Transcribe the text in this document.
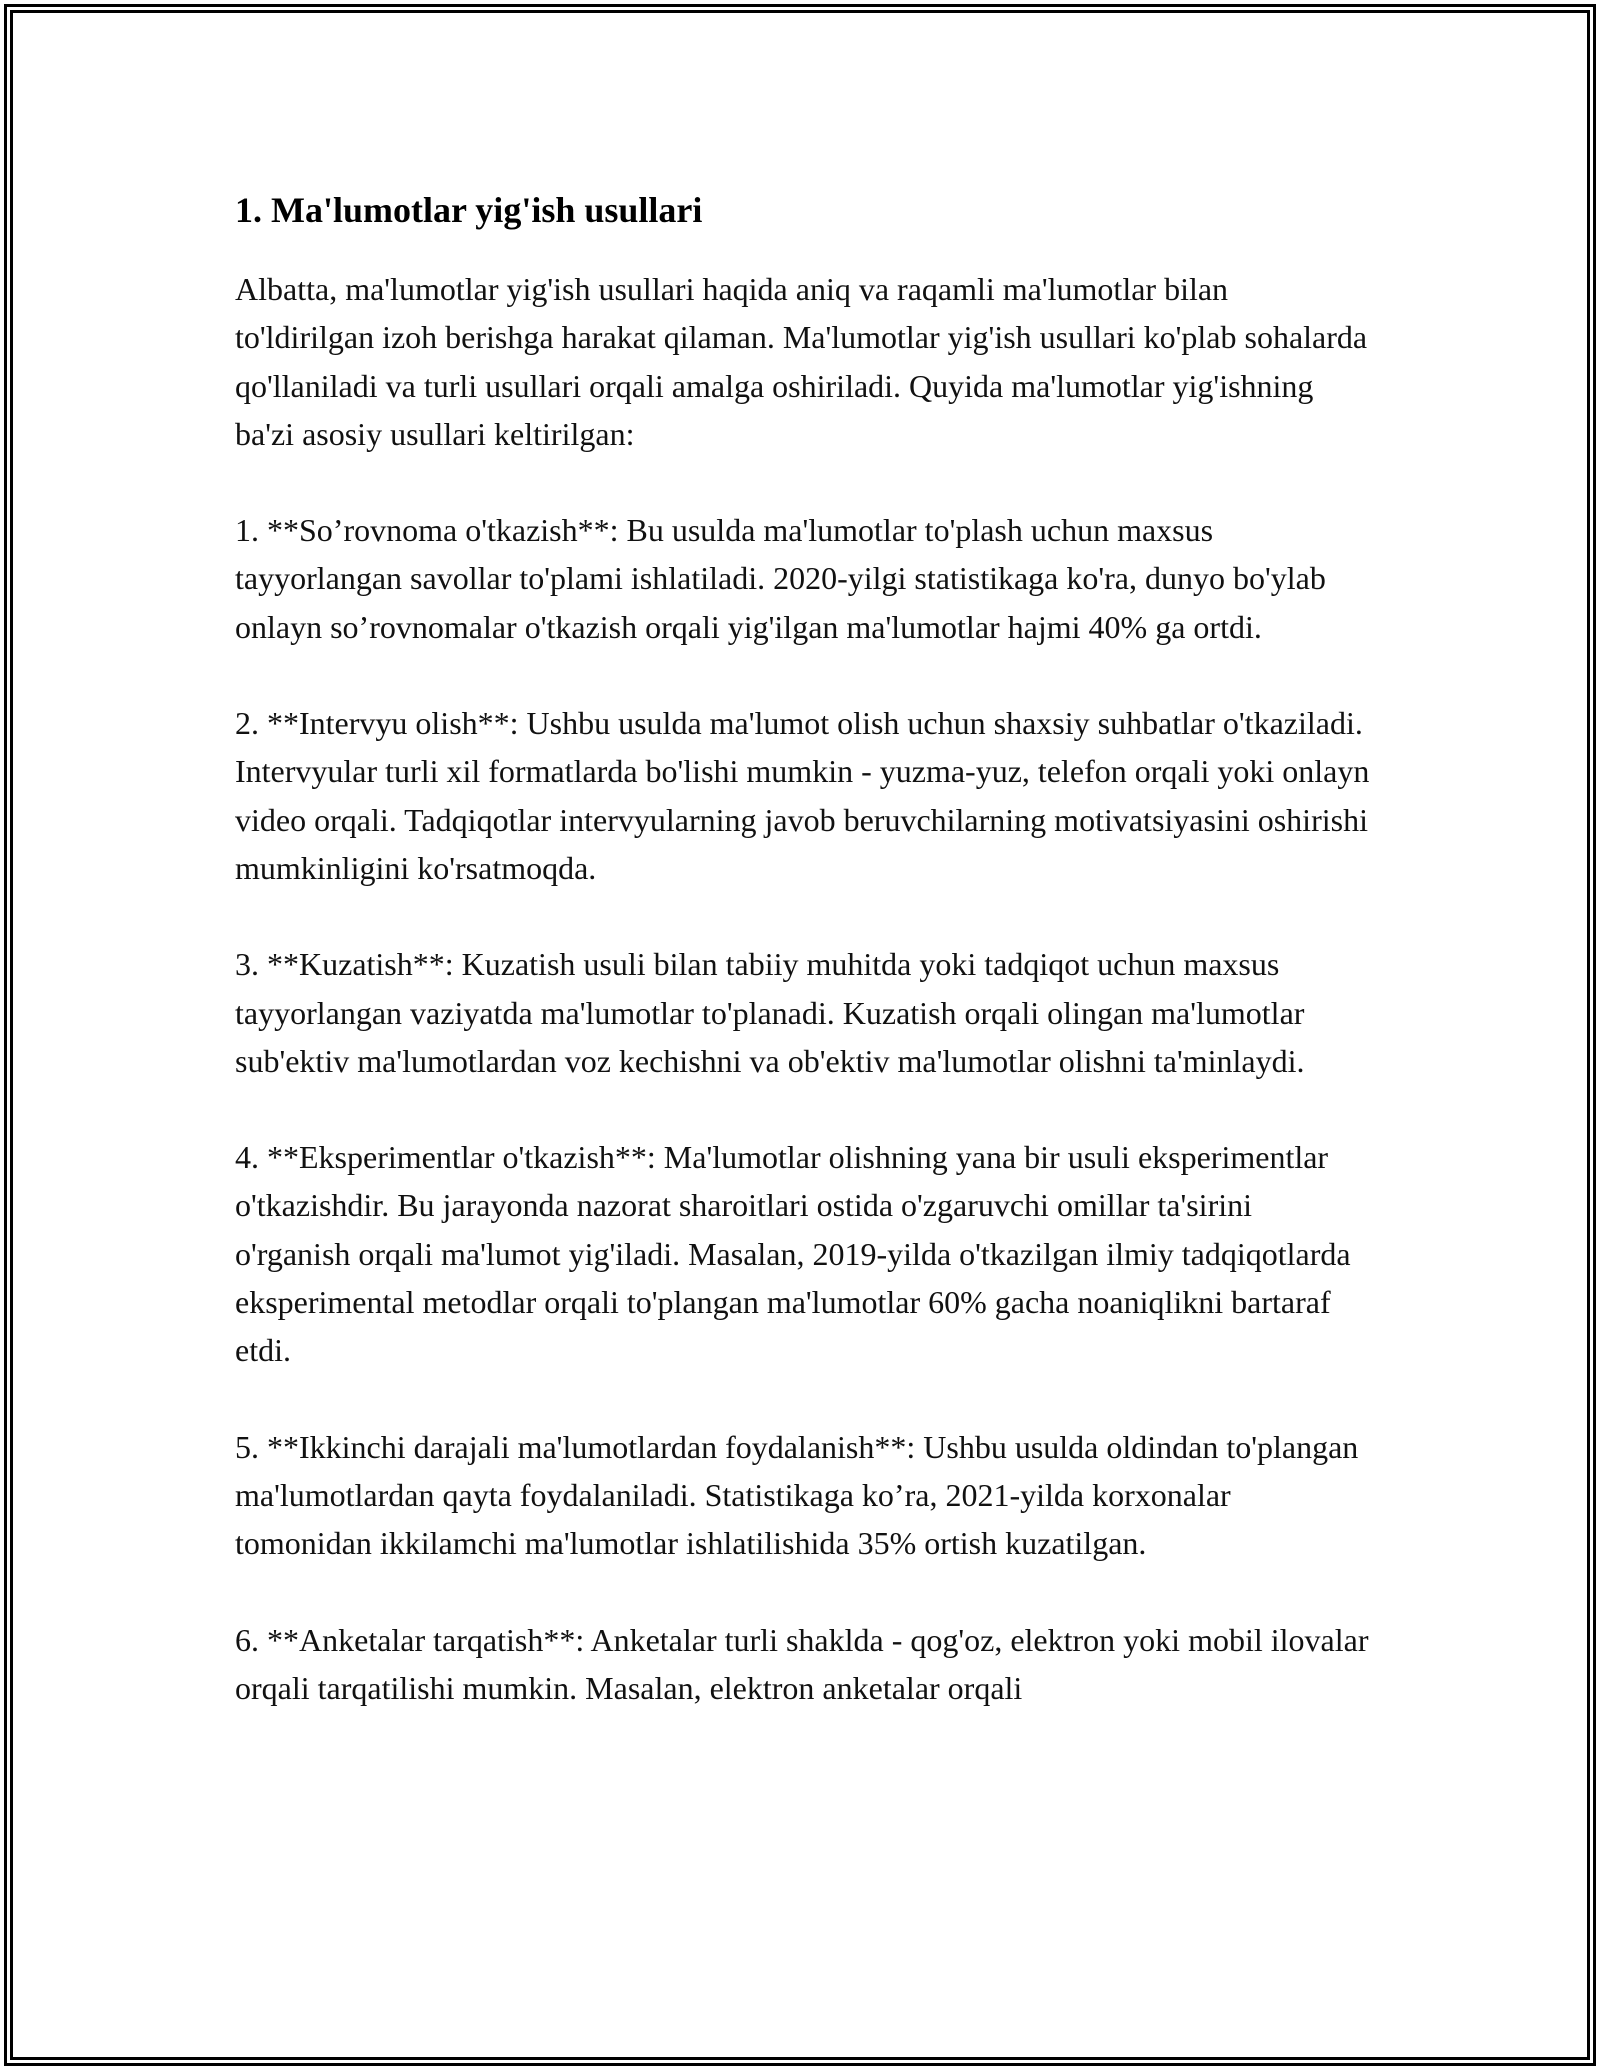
1. Ma'lumotlar yig'ish usullari

Albatta, ma'lumotlar yig'ish usullari haqida aniq va raqamli ma'lumotlar bilan to'ldirilgan izoh berishga harakat qilaman. Ma'lumotlar yig'ish usullari ko'plab sohalarda qo'llaniladi va turli usullari orqali amalga oshiriladi. Quyida ma'lumotlar yig'ishning ba'zi asosiy usullari keltirilgan:

1. **So’rovnoma o'tkazish**: Bu usulda ma'lumotlar to'plash uchun maxsus tayyorlangan savollar to'plami ishlatiladi. 2020-yilgi statistikaga ko'ra, dunyo bo'ylab onlayn so’rovnomalar o'tkazish orqali yig'ilgan ma'lumotlar hajmi 40% ga ortdi.

2. **Intervyu olish**: Ushbu usulda ma'lumot olish uchun shaxsiy suhbatlar o'tkaziladi. Intervyular turli xil formatlarda bo'lishi mumkin - yuzma-yuz, telefon orqali yoki onlayn video orqali. Tadqiqotlar intervyularning javob beruvchilarning motivatsiyasini oshirishi mumkinligini ko'rsatmoqda.

3. **Kuzatish**: Kuzatish usuli bilan tabiiy muhitda yoki tadqiqot uchun maxsus tayyorlangan vaziyatda ma'lumotlar to'planadi. Kuzatish orqali olingan ma'lumotlar sub'ektiv ma'lumotlardan voz kechishni va ob'ektiv ma'lumotlar olishni ta'minlaydi.

4. **Eksperimentlar o'tkazish**: Ma'lumotlar olishning yana bir usuli eksperimentlar o'tkazishdir. Bu jarayonda nazorat sharoitlari ostida o'zgaruvchi omillar ta'sirini o'rganish orqali ma'lumot yig'iladi. Masalan, 2019-yilda o'tkazilgan ilmiy tadqiqotlarda eksperimental metodlar orqali to'plangan ma'lumotlar 60% gacha noaniqlikni bartaraf etdi.

5. **Ikkinchi darajali ma'lumotlardan foydalanish**: Ushbu usulda oldindan to'plangan ma'lumotlardan qayta foydalaniladi. Statistikaga ko’ra, 2021-yilda korxonalar tomonidan ikkilamchi ma'lumotlar ishlatilishida 35% ortish kuzatilgan.

6. **Anketalar tarqatish**: Anketalar turli shaklda - qog'oz, elektron yoki mobil ilovalar orqali tarqatilishi mumkin. Masalan, elektron anketalar orqali
